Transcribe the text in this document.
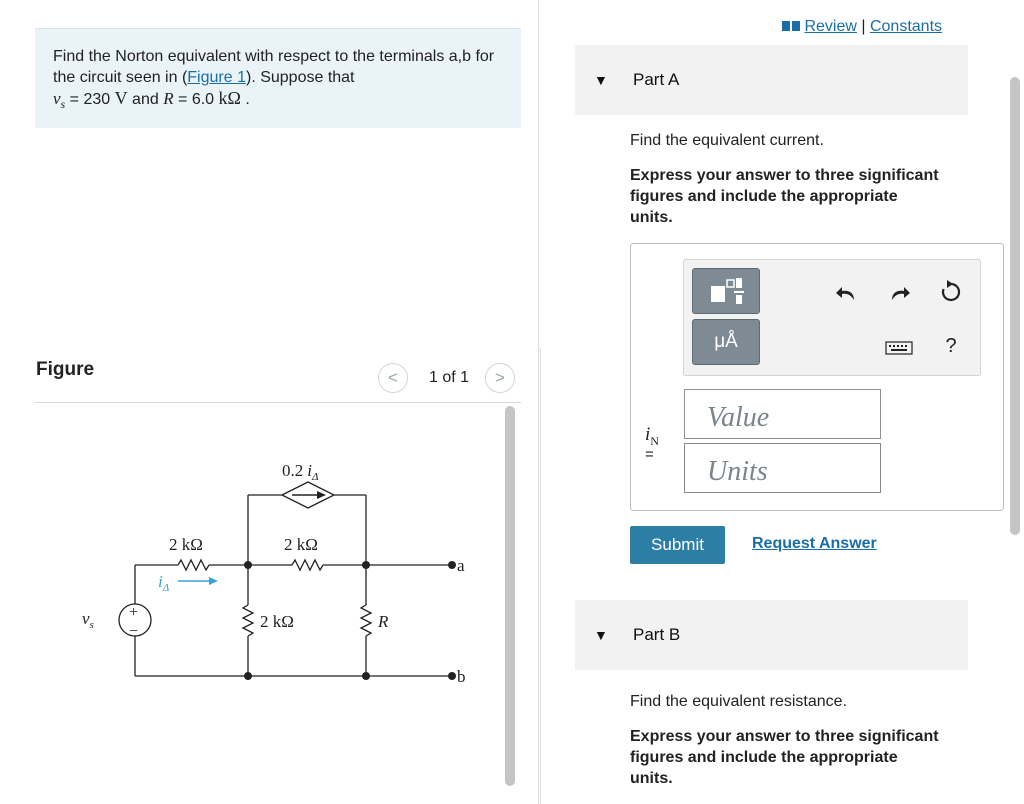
Find the Norton equivalent with respect to the terminals a,b for the circuit seen in (Figure 1). Suppose that
$v_s = 230$ V and R = 6.0 kΩ .
Figure	<	1 of 1	>
0.2 $i_\Delta$
2 kΩ	2 kΩ
2 kΩ	R
a
b
$v_s$
$i_\Delta$
+
−
Review | Constants
▼ Part A
Find the equivalent current.
Express your answer to three significant figures and include the appropriate units.
μÅ	?
$i_N$
=
Value
Units
Submit	Request Answer
▼ Part B
Find the equivalent resistance.
Express your answer to three significant figures and include the appropriate units.
